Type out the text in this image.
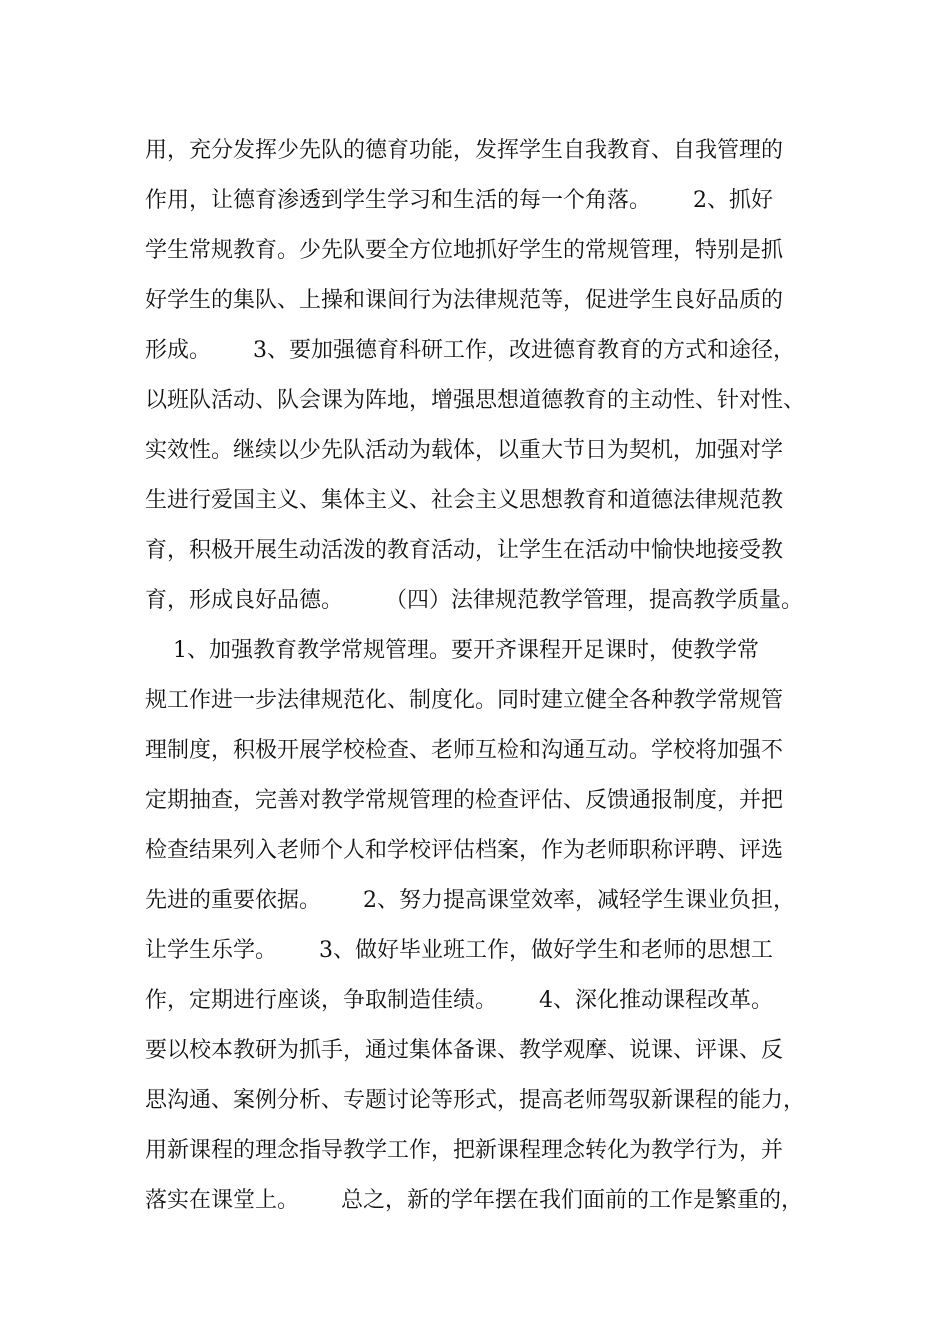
用，充分发挥少先队的德育功能，发挥学生自我教育、自我管理的
作用，让德育渗透到学生学习和生活的每一个角落。      2、抓好
学生常规教育。少先队要全方位地抓好学生的常规管理，特别是抓
好学生的集队、上操和课间行为法律规范等，促进学生良好品质的
形成。      3、要加强德育科研工作，改进德育教育的方式和途径，
以班队活动、队会课为阵地，增强思想道德教育的主动性、针对性、
实效性。继续以少先队活动为载体，以重大节日为契机，加强对学
生进行爱国主义、集体主义、社会主义思想教育和道德法律规范教
育，积极开展生动活泼的教育活动，让学生在活动中愉快地接受教
育，形成良好品德。      （四）法律规范教学管理，提高教学质量。
1、加强教育教学常规管理。要开齐课程开足课时，使教学常
规工作进一步法律规范化、制度化。同时建立健全各种教学常规管
理制度，积极开展学校检查、老师互检和沟通互动。学校将加强不
定期抽查，完善对教学常规管理的检查评估、反馈通报制度，并把
检查结果列入老师个人和学校评估档案，作为老师职称评聘、评选
先进的重要依据。      2、努力提高课堂效率，减轻学生课业负担，
让学生乐学。      3、做好毕业班工作，做好学生和老师的思想工
作，定期进行座谈，争取制造佳绩。      4、深化推动课程改革。
要以校本教研为抓手，通过集体备课、教学观摩、说课、评课、反
思沟通、案例分析、专题讨论等形式，提高老师驾驭新课程的能力，
用新课程的理念指导教学工作，把新课程理念转化为教学行为，并
落实在课堂上。      总之，新的学年摆在我们面前的工作是繁重的，
